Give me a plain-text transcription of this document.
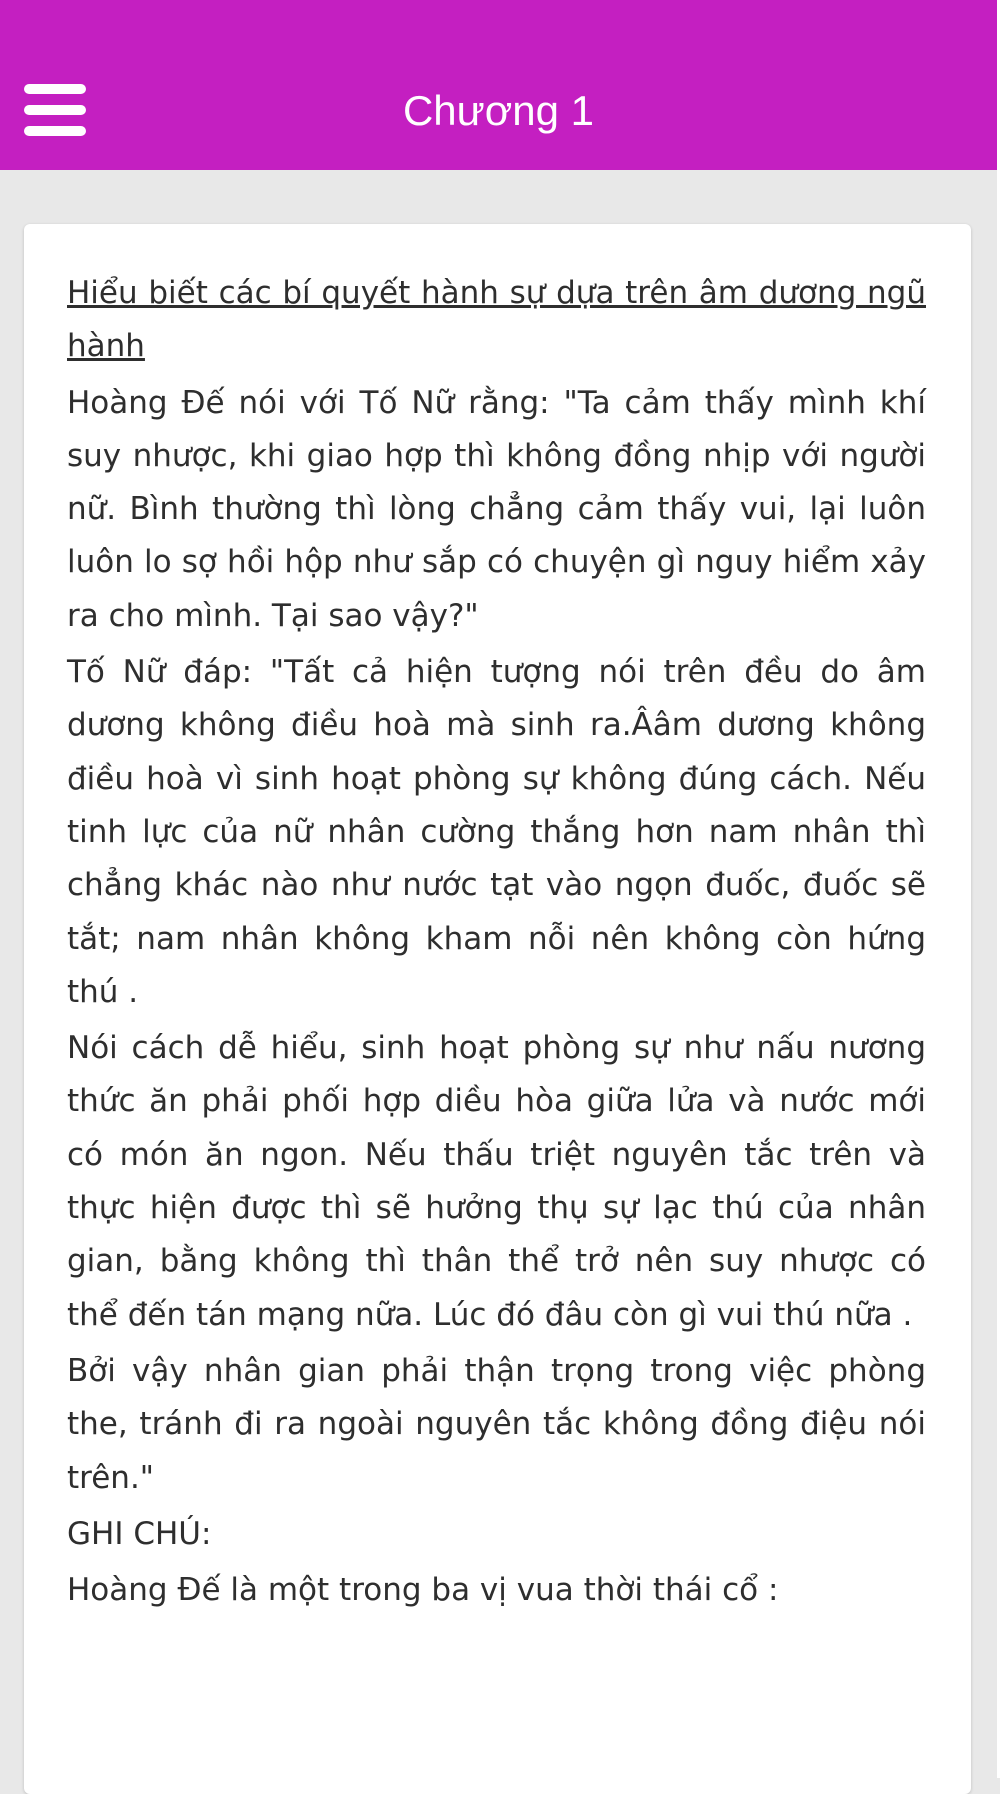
Chương 1

Hiểu biết các bí quyết hành sự dựa trên âm dương ngũ hành

Hoàng Đế nói với Tố Nữ rằng: "Ta cảm thấy mình khí suy nhược, khi giao hợp thì không đồng nhịp với người nữ. Bình thường thì lòng chẳng cảm thấy vui, lại luôn luôn lo sợ hồi hộp như sắp có chuyện gì nguy hiểm xảy ra cho mình. Tại sao vậy?"

Tố Nữ đáp: "Tất cả hiện tượng nói trên đều do âm dương không điều hoà mà sinh ra.Ââm dương không điều hoà vì sinh hoạt phòng sự không đúng cách. Nếu tinh lực của nữ nhân cường thắng hơn nam nhân thì chẳng khác nào như nước tạt vào ngọn đuốc, đuốc sẽ tắt; nam nhân không kham nỗi nên không còn hứng thú .

Nói cách dễ hiểu, sinh hoạt phòng sự như nấu nương thức ăn phải phối hợp diều hòa giữa lửa và nước mới có món ăn ngon. Nếu thấu triệt nguyên tắc trên và thực hiện được thì sẽ hưởng thụ sự lạc thú của nhân gian, bằng không thì thân thể trở nên suy nhược có thể đến tán mạng nữa. Lúc đó đâu còn gì vui thú nữa .

Bởi vậy nhân gian phải thận trọng trong việc phòng the, tránh đi ra ngoài nguyên tắc không đồng điệu nói trên."

GHI CHÚ:

Hoàng Đế là một trong ba vị vua thời thái cổ :
